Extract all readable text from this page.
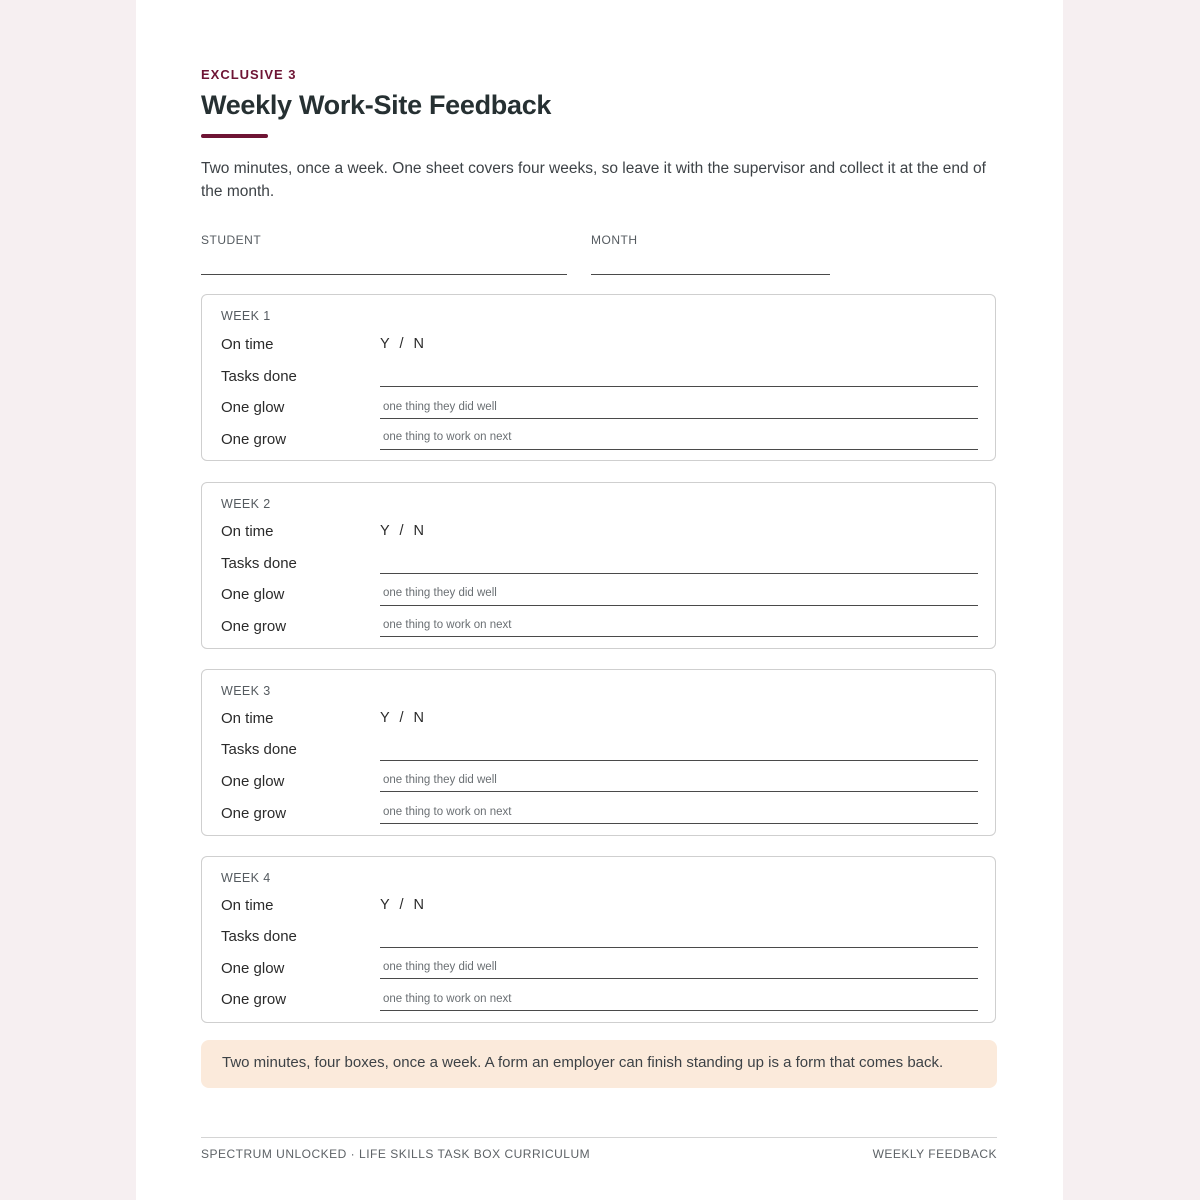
EXCLUSIVE 3
Weekly Work-Site Feedback

Two minutes, once a week. One sheet covers four weeks, so leave it with the supervisor and collect it at the end of the month.

STUDENT	MONTH
WEEK 1
On time	Y / N
Tasks done
One glow	one thing they did well
One grow	one thing to work on next
WEEK 2
On time	Y / N
Tasks done
One glow	one thing they did well
One grow	one thing to work on next
WEEK 3
On time	Y / N
Tasks done
One glow	one thing they did well
One grow	one thing to work on next
WEEK 4
On time	Y / N
Tasks done
One glow	one thing they did well
One grow	one thing to work on next
Two minutes, four boxes, once a week. A form an employer can finish standing up is a form that comes back.
SPECTRUM UNLOCKED · LIFE SKILLS TASK BOX CURRICULUM	WEEKLY FEEDBACK
